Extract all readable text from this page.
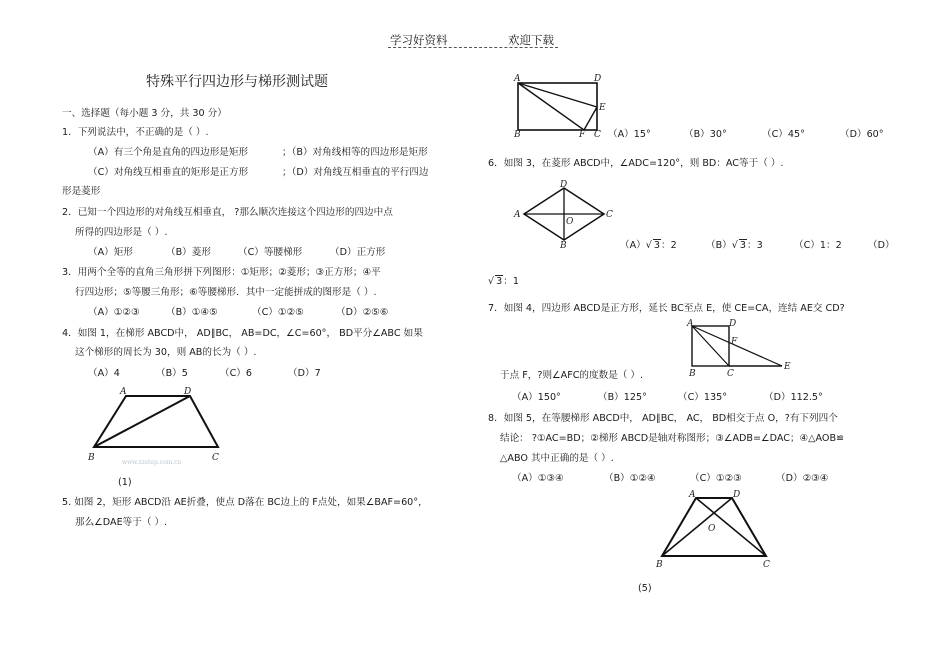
学习好资料	欢迎下载
特殊平行四边形与梯形测试题
一、选择题（每小题 3 分，共 30 分）
1．下列说法中，不正确的是（ ）.
（A）有三个角是直角的四边形是矩形	；（B）对角线相等的四边形是矩形
（C）对角线互相垂直的矩形是正方形	；（D）对角线互相垂直的平行四边
形是菱形
2．已知一个四边形的对角线互相垂直， ?那么顺次连接这个四边形的四边中点
所得的四边形是（ ）.
（A）矩形	（B）菱形	（C）等腰梯形	（D）正方形
3．用两个全等的直角三角形拼下列图形：①矩形；②菱形；③正方形；④平
行四边形；⑤等腰三角形；⑥等腰梯形．其中一定能拼成的图形是（ ）.
（A）①②③	（B）①④⑤	（C）①②⑤	（D）②⑤⑥
4．如图 1，在梯形 ABCD中， AD∥BC， AB=DC，∠C=60°， BD平分∠ABC 如果
这个梯形的周长为 30，则 AB的长为（ ）.
（A）4	（B）5	（C）6	（D）7
A	D
B	C
www.zzstep.com.cn
(1)
5. 如图 2，矩形 ABCD沿 AE折叠，使点 D落在 BC边上的 F点处，如果∠BAF=60°，
那么∠DAE等于（ ）.
A	D
E
B	F C （A）15°	（B）30°	（C）45°	（D）60°
6．如图 3，在菱形 ABCD中，∠ADC=120°，则 BD：AC等于（ ）.
D
A
O
C
B	（A）√ 3：2	（B）√ 3：3	（C）1：2	（D）
√ 3：1
7．如图 4，四边形 ABCD是正方形，延长 BC至点 E，使 CE=CA，连结 AE交 CD?
A	D
F
B	C
E
于点 F，?则∠AFC的度数是（ ）.
（A）150°	（B）125°	（C）135°	（D）112.5°
8．如图 5，在等腰梯形 ABCD中， AD∥BC， AC， BD相交于点 O，?有下列四个
结论： ?①AC=BD；②梯形 ABCD是轴对称图形；③∠ADB=∠DAC；④△AOB≌
△ABO 其中正确的是（ ）.
（A）①③④	（B）①②④	（C）①②③	（D）②③④
A	D
O
B	C
(5)
